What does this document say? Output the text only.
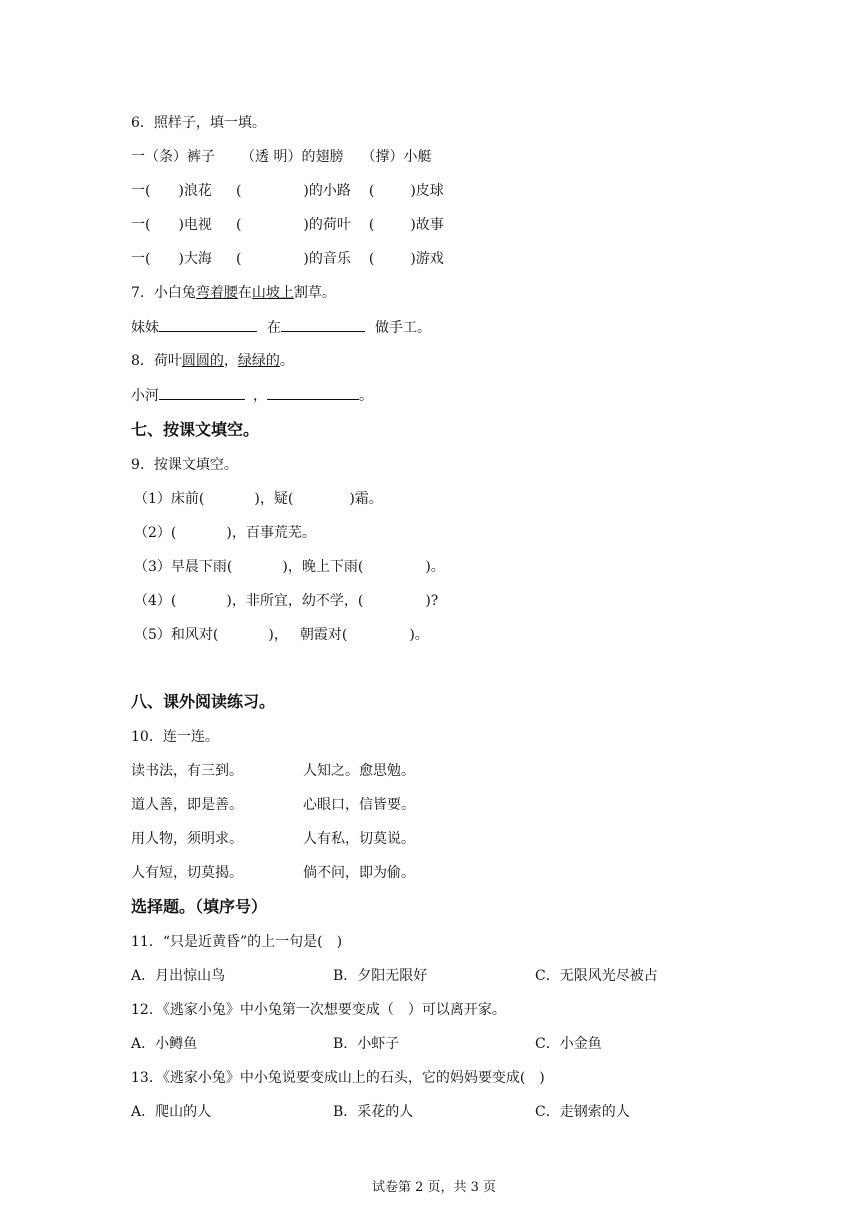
6．照样子，填一填。
一（条）裤子 （透 明）的翅膀 （撑）小艇
一( )浪花 (	)的小路 (	)皮球
一( )电视 (	)的荷叶 (	)故事
一( )大海 (	)的音乐 (	)游戏
7．小白兔弯着腰在山坡上割草。
妹妹	在	做手工。
8．荷叶圆圆的，绿绿的。
小河	，	。
七、按课文填空。
9．按课文填空。
（1）床前(	)，疑(	)霜。
（2）(	)，百事荒芜。
（3）早晨下雨(	)，晚上下雨(	)。
（4）(	)，非所宜，幼不学，(	)?
（5）和风对(	)， 朝霞对(	)。
八、课外阅读练习。
10．连一连。
读书法，有三到。	人知之。愈思勉。
道人善，即是善。	心眼口，信皆要。
用人物，须明求。	人有私，切莫说。
人有短，切莫揭。	倘不问，即为偷。
选择题。（填序号）
11．“只是近黄昏”的上一句是(　)
A．月出惊山鸟	B．夕阳无限好	C．无限风光尽被占
12．《逃家小兔》中小兔第一次想要变成（　）可以离开家。
A．小鳟鱼	B．小虾子	C．小金鱼
13．《逃家小兔》中小兔说要变成山上的石头，它的妈妈要变成(　)
A．爬山的人	B．采花的人	C．走钢索的人
试卷第 2 页，共 3 页
